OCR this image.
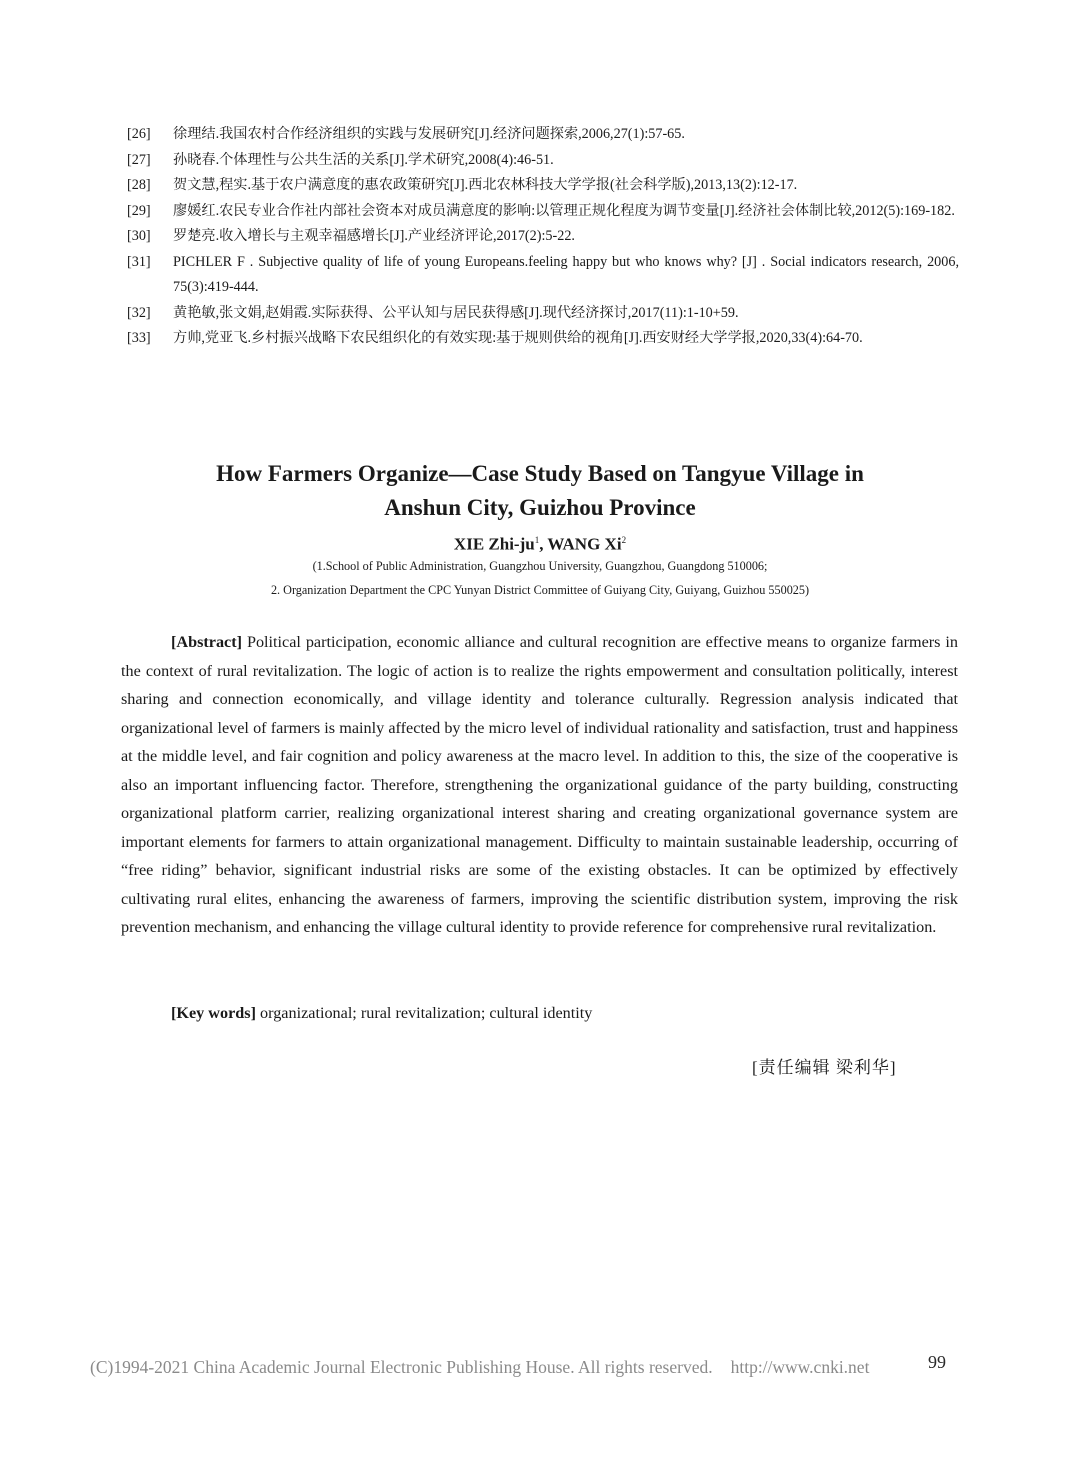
[26]	徐理结.我国农村合作经济组织的实践与发展研究[J].经济问题探索,2006,27(1):57-65.
[27]	孙晓春.个体理性与公共生活的关系[J].学术研究,2008(4):46-51.
[28]	贺文慧,程实.基于农户满意度的惠农政策研究[J].西北农林科技大学学报(社会科学版),2013,13(2):12-17.
[29]	廖媛红.农民专业合作社内部社会资本对成员满意度的影响:以管理正规化程度为调节变量[J].经济社会体制比较,2012(5):169-182.
[30]	罗楚亮.收入增长与主观幸福感增长[J].产业经济评论,2017(2):5-22.
[31]	PICHLER F . Subjective quality of life of young Europeans.feeling happy but who knows why? [J] . Social indicators research, 2006, 75(3):419-444.
[32]	黄艳敏,张文娟,赵娟霞.实际获得、公平认知与居民获得感[J].现代经济探讨,2017(11):1-10+59.
[33]	方帅,党亚飞.乡村振兴战略下农民组织化的有效实现:基于规则供给的视角[J].西安财经大学学报,2020,33(4):64-70.
How Farmers Organize—Case Study Based on Tangyue Village in
Anshun City, Guizhou Province
XIE Zhi-$ju^1$, WANG Xi$^2$
(1.School of Public Administration, Guangzhou University, Guangzhou, Guangdong 510006;
2. Organization Department the CPC Yunyan District Committee of Guiyang City, Guiyang, Guizhou 550025)
[Abstract] Political participation, economic alliance and cultural recognition are effective means to organize farmers in the context of rural revitalization. The logic of action is to realize the rights empowerment and consultation politically, interest sharing and connection economically, and village identity and tolerance culturally. Regression analysis indicated that organizational level of farmers is mainly affected by the micro level of individual rationality and satisfaction, trust and happiness at the middle level, and fair cognition and policy awareness at the macro level. In addition to this, the size of the cooperative is also an important influencing factor. Therefore, strengthening the organizational guidance of the party building, constructing organizational platform carrier, realizing organizational interest sharing and creating organizational governance system are important elements for farmers to attain organizational management. Difficulty to maintain sustainable leadership, occurring of “free riding” behavior, significant industrial risks are some of the existing obstacles. It can be optimized by effectively cultivating rural elites, enhancing the awareness of farmers, improving the scientific distribution system, improving the risk prevention mechanism, and enhancing the village cultural identity to provide reference for comprehensive rural revitalization.
[Key words] organizational; rural revitalization; cultural identity
[责任编辑 梁利华]
(C)1994-2021 China Academic Journal Electronic Publishing House. All rights reserved. http://www.cnki.net	99
